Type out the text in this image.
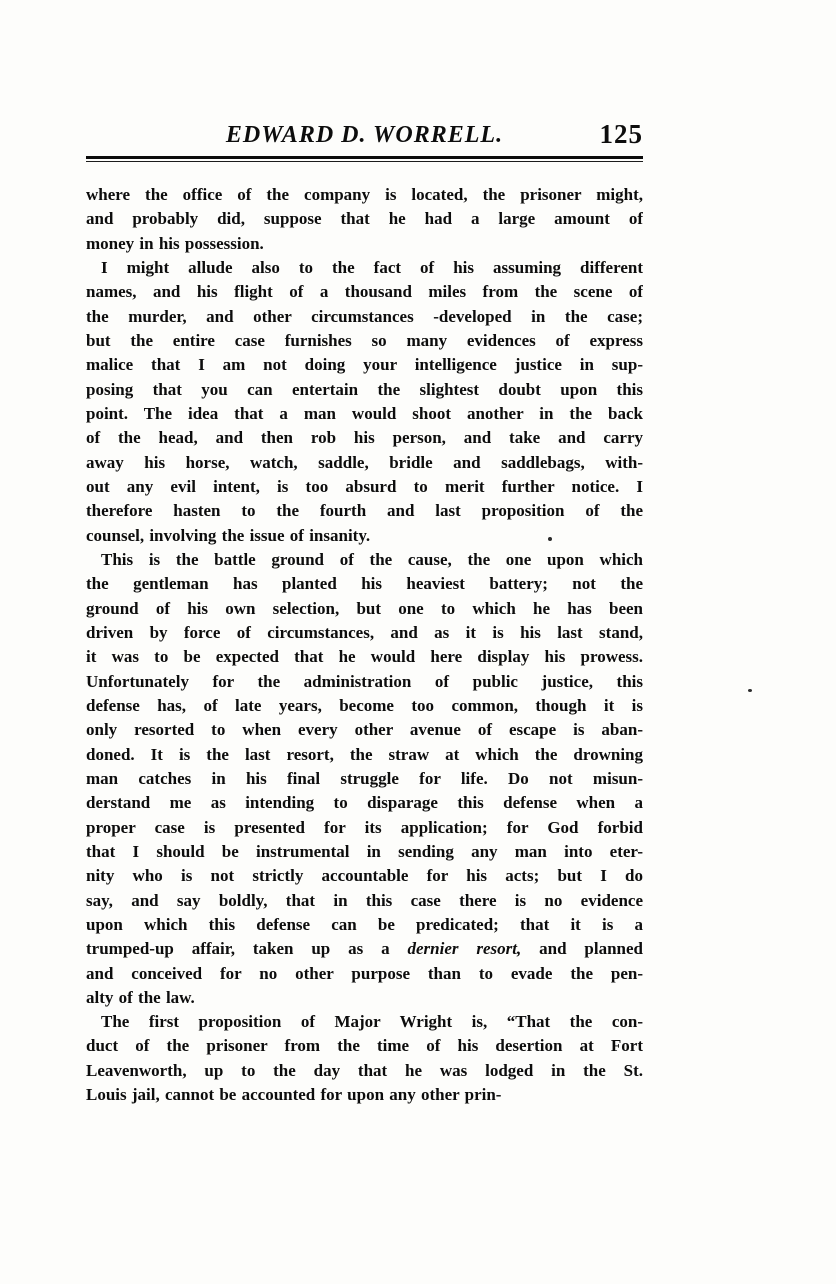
EDWARD D. WORRELL.	125
where the office of the company is located, the prisoner might,
and probably did, suppose that he had a large amount of
money in his possession.
I might allude also to the fact of his assuming different
names, and his flight of a thousand miles from the scene of
the murder, and other circumstances -developed in the case;
but the entire case furnishes so many evidences of express
malice that I am not doing your intelligence justice in sup-
posing that you can entertain the slightest doubt upon this
point. The idea that a man would shoot another in the back
of the head, and then rob his person, and take and carry
away his horse, watch, saddle, bridle and saddlebags, with-
out any evil intent, is too absurd to merit further notice. I
therefore hasten to the fourth and last proposition of the
counsel, involving the issue of insanity.
This is the battle ground of the cause, the one upon which
the gentleman has planted his heaviest battery; not the
ground of his own selection, but one to which he has been
driven by force of circumstances, and as it is his last stand,
it was to be expected that he would here display his prowess.
Unfortunately for the administration of public justice, this
defense has, of late years, become too common, though it is
only resorted to when every other avenue of escape is aban-
doned. It is the last resort, the straw at which the drowning
man catches in his final struggle for life. Do not misun-
derstand me as intending to disparage this defense when a
proper case is presented for its application; for God forbid
that I should be instrumental in sending any man into eter-
nity who is not strictly accountable for his acts; but I do
say, and say boldly, that in this case there is no evidence
upon which this defense can be predicated; that it is a
trumped-up affair, taken up as a dernier resort, and planned
and conceived for no other purpose than to evade the pen-
alty of the law.
The first proposition of Major Wright is, “That the con-
duct of the prisoner from the time of his desertion at Fort
Leavenworth, up to the day that he was lodged in the St.
Louis jail, cannot be accounted for upon any other prin-
